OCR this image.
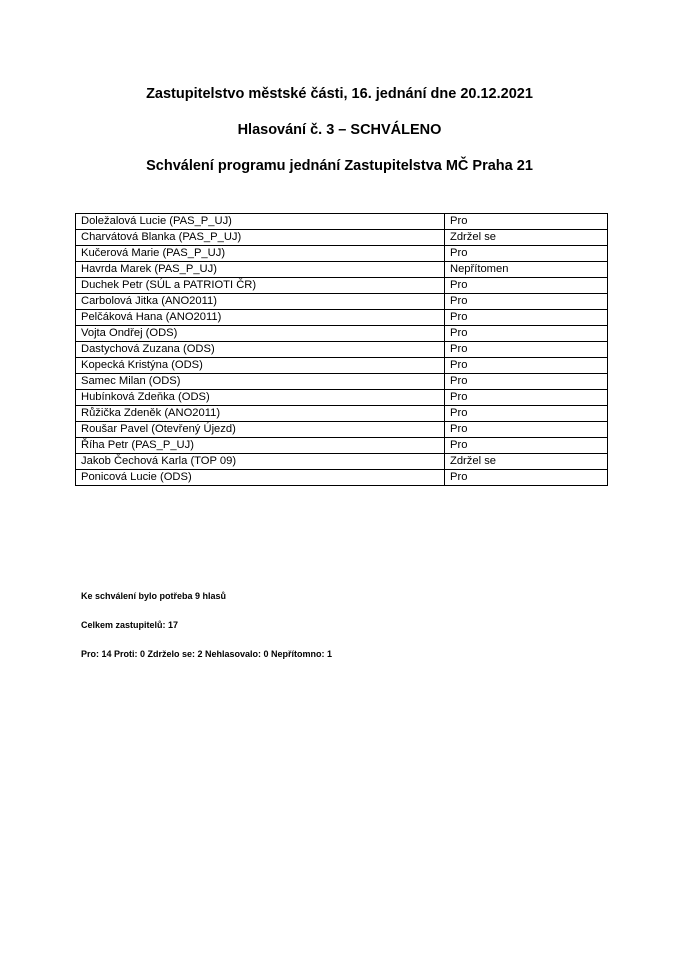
Zastupitelstvo městské části, 16. jednání dne 20.12.2021
Hlasování č. 3 – SCHVÁLENO
Schválení programu jednání Zastupitelstva MČ Praha 21
Doležalová Lucie (PAS_P_UJ)	Pro
Charvátová Blanka (PAS_P_UJ)	Zdržel se
Kučerová Marie (PAS_P_UJ)	Pro
Havrda Marek (PAS_P_UJ)	Nepřítomen
Duchek Petr (SÚL a PATRIOTI ČR)	Pro
Carbolová Jitka (ANO2011)	Pro
Pelčáková Hana (ANO2011)	Pro
Vojta Ondřej (ODS)	Pro
Dastychová Zuzana (ODS)	Pro
Kopecká Kristýna (ODS)	Pro
Samec Milan (ODS)	Pro
Hubínková Zdeňka (ODS)	Pro
Růžička Zdeněk (ANO2011)	Pro
Roušar Pavel (Otevřený Újezd)	Pro
Říha Petr (PAS_P_UJ)	Pro
Jakob Čechová Karla (TOP 09)	Zdržel se
Ponicová Lucie (ODS)	Pro
Ke schválení bylo potřeba 9 hlasů
Celkem zastupitelů: 17
Pro: 14 Proti: 0 Zdrželo se: 2 Nehlasovalo: 0 Nepřítomno: 1
